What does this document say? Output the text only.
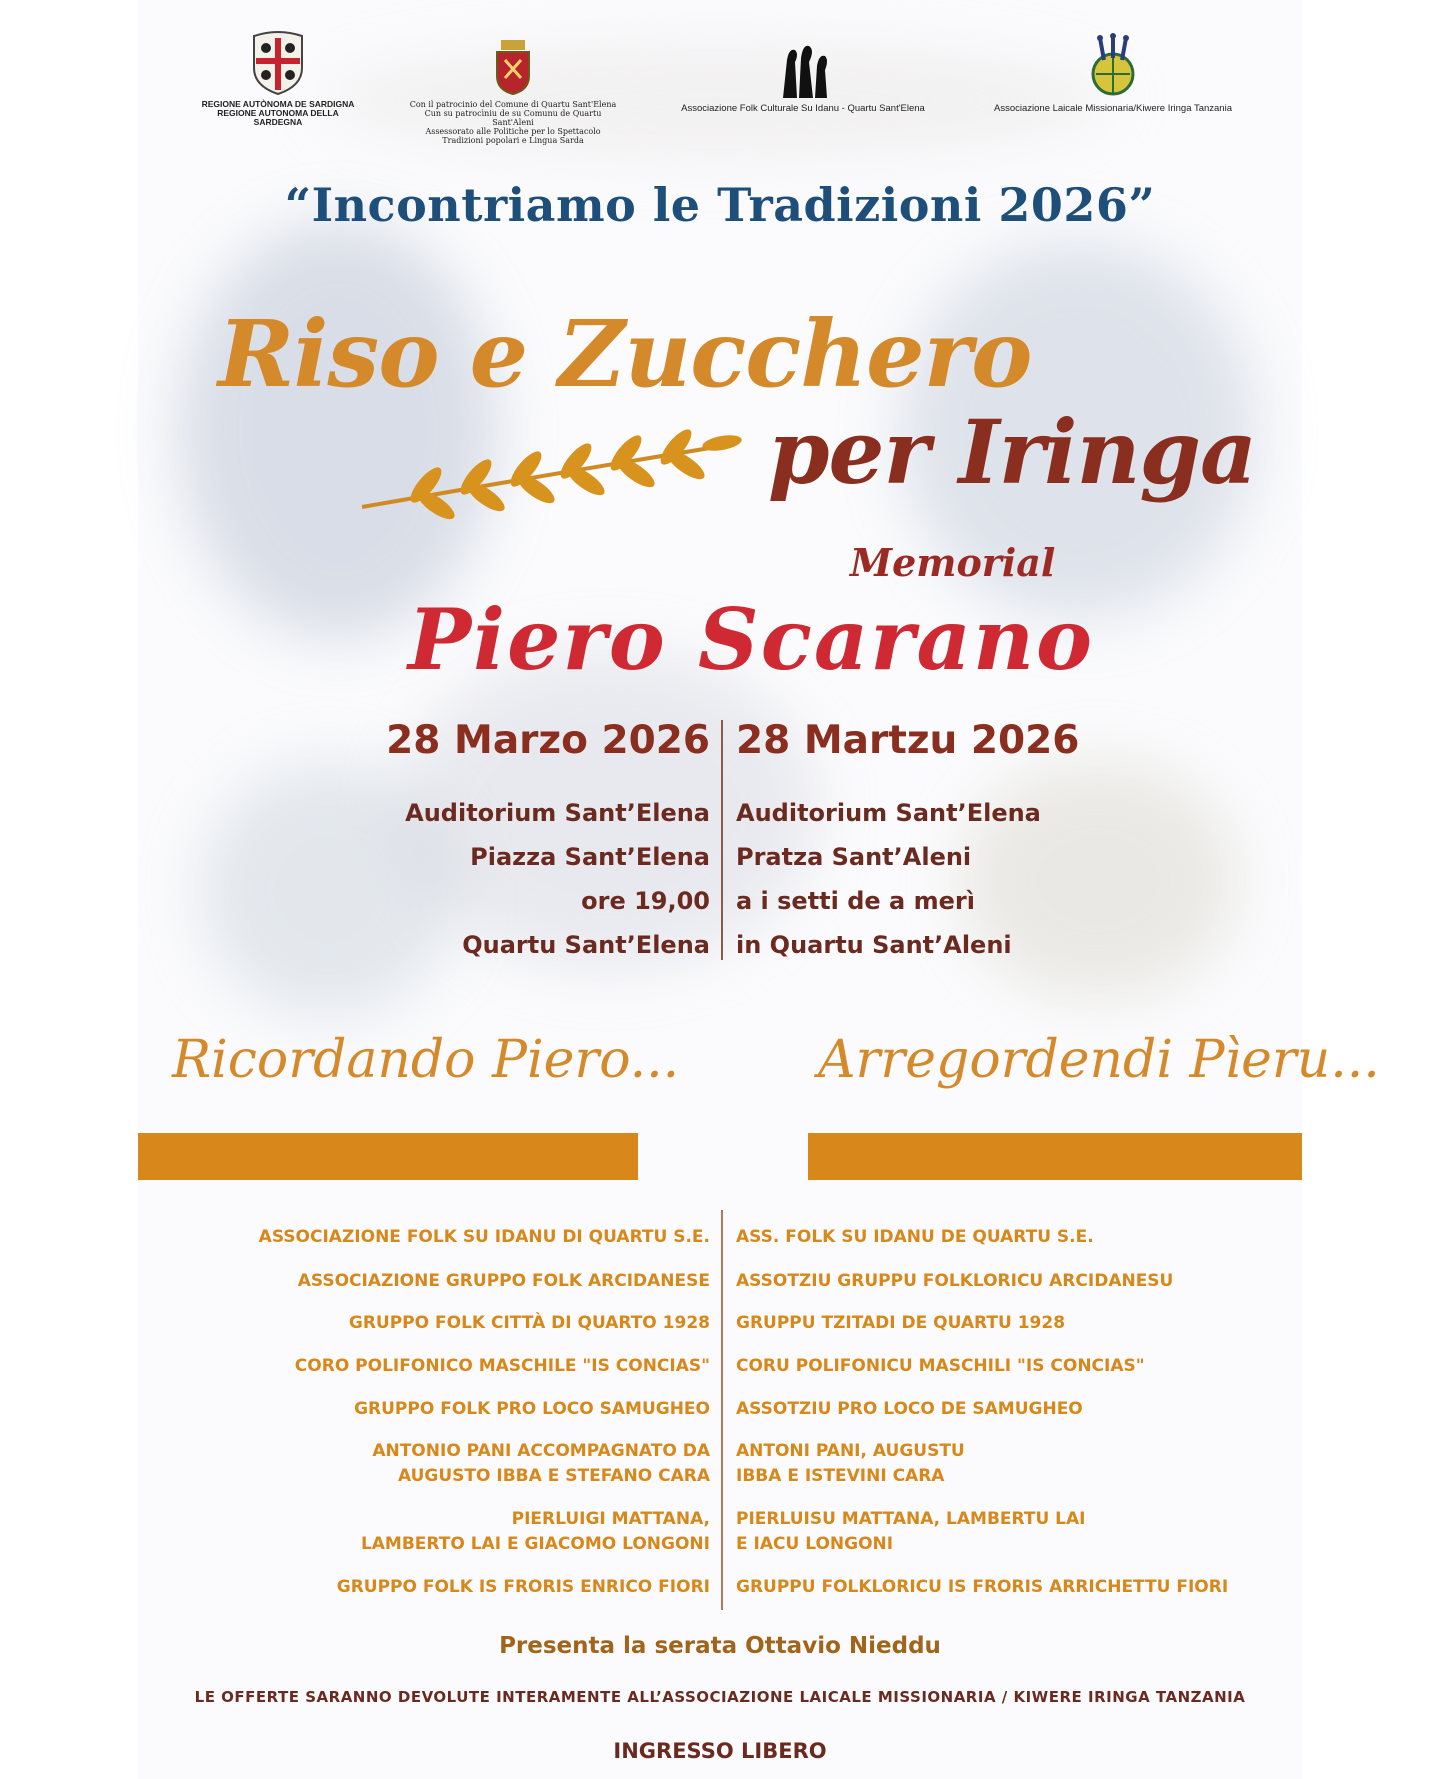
REGIONE AUTÒNOMA DE SARDIGNA
REGIONE AUTONOMA DELLA SARDEGNA
Con il patrocinio del Comune di Quartu Sant'Elena
Cun su patrocìniu de su Comunu de Quartu Sant'Aleni
Assessorato alle Politiche per lo Spettacolo
Tradizioni popolari e Lingua Sarda
Associazione Folk Culturale Su Idanu - Quartu Sant'Elena	Associazione Laicale Missionaria/Kiwere Iringa Tanzania
“Incontriamo le Tradizioni 2026”
Riso e Zucchero
per Iringa
Memorial
Piero Scarano
28 Marzo 2026
Auditorium Sant’Elena
Piazza Sant’Elena
ore 19,00
Quartu Sant’Elena
28 Martzu 2026
Auditorium Sant’Elena
Pratza Sant’Aleni
a i setti de a merì
in Quartu Sant’Aleni
Ricordando Piero...	Arregordendi Pìeru...
ASSOCIAZIONE FOLK SU IDANU DI QUARTU S.E.
ASSOCIAZIONE GRUPPO FOLK ARCIDANESE
GRUPPO FOLK CITTÀ DI QUARTO 1928
CORO POLIFONICO MASCHILE "IS CONCIAS"
GRUPPO FOLK PRO LOCO SAMUGHEO
ANTONIO PANI ACCOMPAGNATO DA
AUGUSTO IBBA E STEFANO CARA
PIERLUIGI MATTANA,
LAMBERTO LAI E GIACOMO LONGONI
GRUPPO FOLK IS FRORIS ENRICO FIORI
ASS. FOLK SU IDANU DE QUARTU S.E.
ASSOTZIU GRUPPU FOLKLORICU ARCIDANESU
GRUPPU TZITADI DE QUARTU 1928
CORU POLIFONICU MASCHILI "IS CONCIAS"
ASSOTZIU PRO LOCO DE SAMUGHEO
ANTONI PANI, AUGUSTU
IBBA E ISTEVINI CARA
PIERLUISU MATTANA, LAMBERTU LAI
E IACU LONGONI
GRUPPU FOLKLORICU IS FRORIS ARRICHETTU FIORI
Presenta la serata Ottavio Nieddu
LE OFFERTE SARANNO DEVOLUTE INTERAMENTE ALL’ASSOCIAZIONE LAICALE MISSIONARIA / KIWERE IRINGA TANZANIA
INGRESSO LIBERO
